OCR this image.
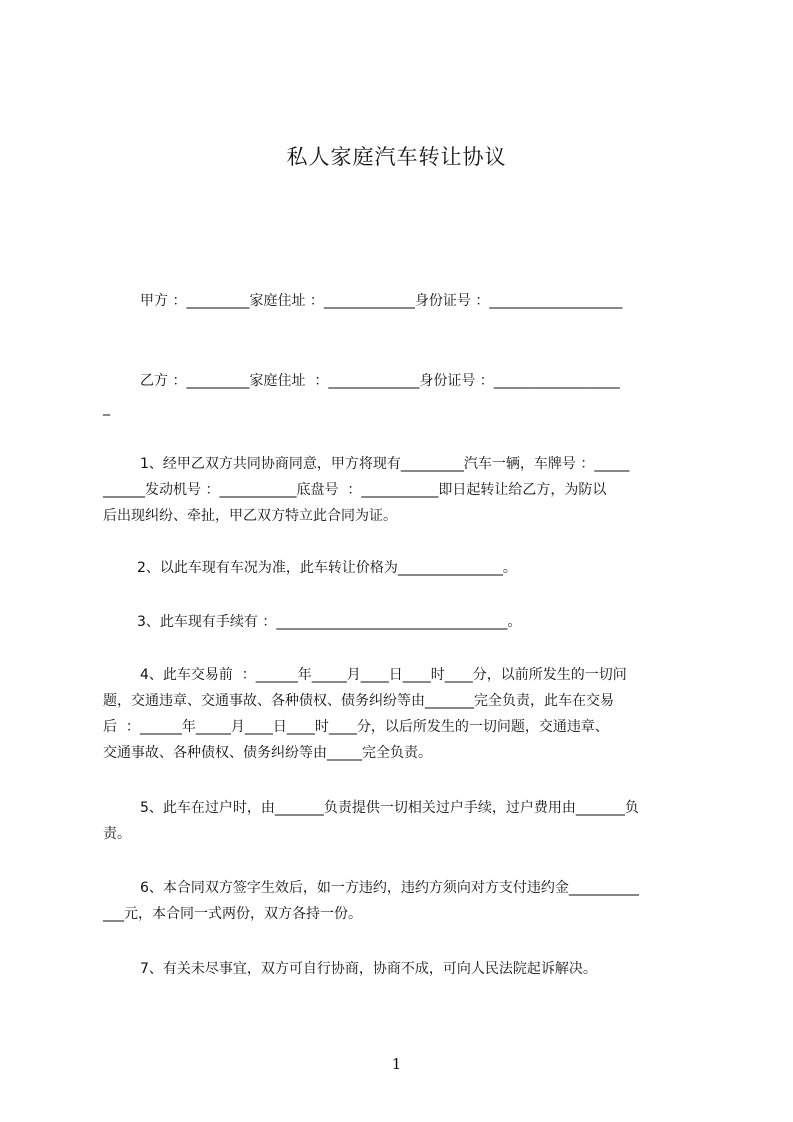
私人家庭汽车转让协议
甲方 ：_________家庭住址 ：_____________身份证号 ：___________________
乙方 ：_________家庭住址  ：_____________身份证号 ：__________________
_
1、经甲乙双方共同协商同意，甲方将现有_________汽车一辆，车牌号 ：_____
______发动机号 ：___________底盘号  ：___________即日起转让给乙方，为防以
后出现纠纷、牵扯，甲乙双方特立此合同为证。
2、以此车现有车况为准，此车转让价格为_______________。
3、此车现有手续有 ：_________________________________。
4、此车交易前  ：______年_____月____日____时____分，以前所发生的一切问
题，交通违章、交通事故、各种债权、债务纠纷等由_______完全负责，此车在交易
后  ：______年_____月____日____时____分，以后所发生的一切问题，交通违章、
交通事故、各种债权、债务纠纷等由_____完全负责。
5、此车在过户时，由_______负责提供一切相关过户手续，过户费用由_______负
责。
6、本合同双方签字生效后，如一方违约，违约方须向对方支付违约金__________
___元，本合同一式两份，双方各持一份。
7、有关未尽事宜，双方可自行协商，协商不成，可向人民法院起诉解决。
1
